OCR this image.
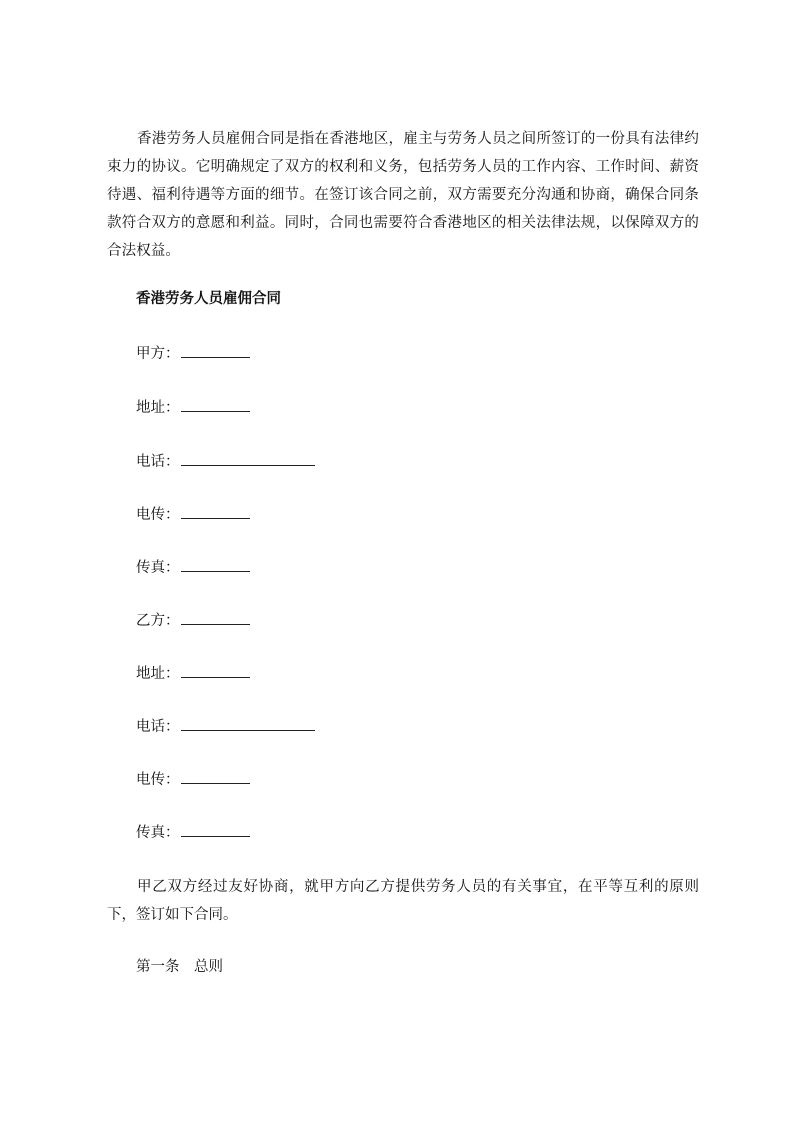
香港劳务人员雇佣合同是指在香港地区，雇主与劳务人员之间所签订的一份具有法律约束力的协议。它明确规定了双方的权利和义务，包括劳务人员的工作内容、工作时间、薪资待遇、福利待遇等方面的细节。在签订该合同之前，双方需要充分沟通和协商，确保合同条款符合双方的意愿和利益。同时，合同也需要符合香港地区的相关法律法规，以保障双方的合法权益。

香港劳务人员雇佣合同

甲方：

地址：

电话：

电传：

传真：

乙方：

地址：

电话：

电传：

传真：

甲乙双方经过友好协商，就甲方向乙方提供劳务人员的有关事宜，在平等互利的原则下，签订如下合同。

第一条　总则
